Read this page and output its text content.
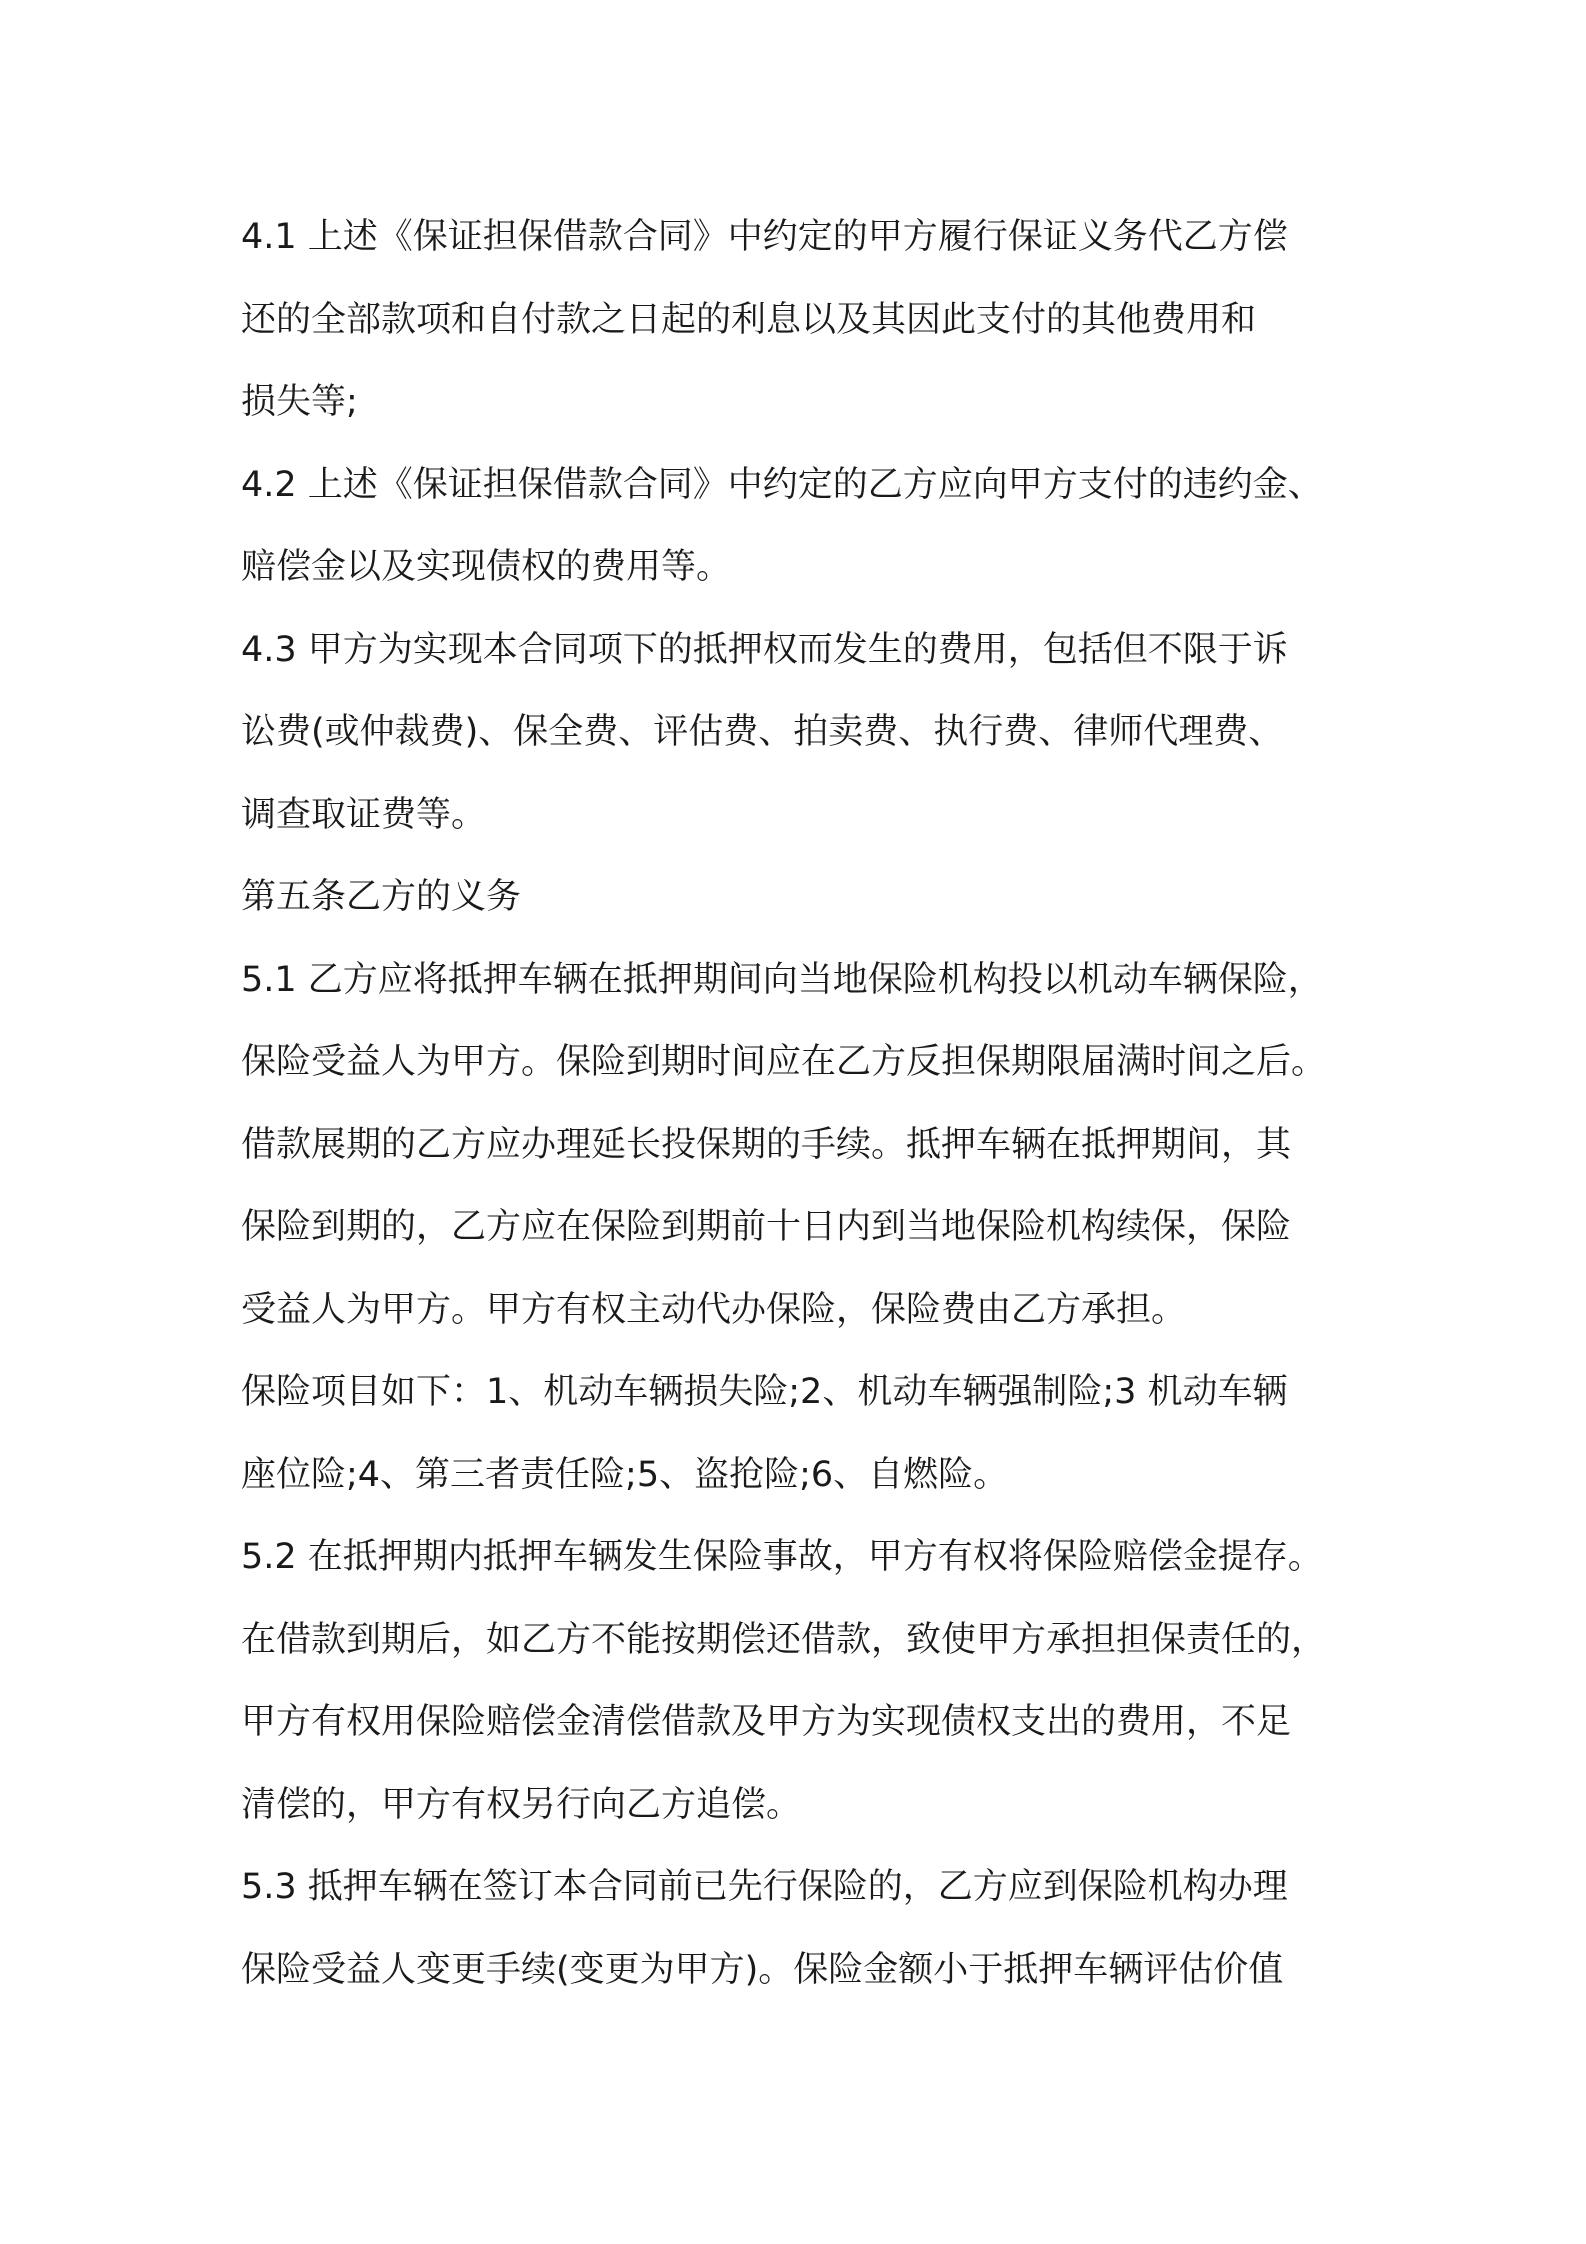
4.1 上述《保证担保借款合同》中约定的甲方履行保证义务代乙方偿
还的全部款项和自付款之日起的利息以及其因此支付的其他费用和
损失等;
4.2 上述《保证担保借款合同》中约定的乙方应向甲方支付的违约金、
赔偿金以及实现债权的费用等。
4.3 甲方为实现本合同项下的抵押权而发生的费用，包括但不限于诉
讼费(或仲裁费)、保全费、评估费、拍卖费、执行费、律师代理费、
调查取证费等。
第五条乙方的义务
5.1 乙方应将抵押车辆在抵押期间向当地保险机构投以机动车辆保险，
保险受益人为甲方。保险到期时间应在乙方反担保期限届满时间之后。
借款展期的乙方应办理延长投保期的手续。抵押车辆在抵押期间，其
保险到期的，乙方应在保险到期前十日内到当地保险机构续保，保险
受益人为甲方。甲方有权主动代办保险，保险费由乙方承担。
保险项目如下：1、机动车辆损失险;2、机动车辆强制险;3 机动车辆
座位险;4、第三者责任险;5、盗抢险;6、自燃险。
5.2 在抵押期内抵押车辆发生保险事故，甲方有权将保险赔偿金提存。
在借款到期后，如乙方不能按期偿还借款，致使甲方承担担保责任的，
甲方有权用保险赔偿金清偿借款及甲方为实现债权支出的费用，不足
清偿的，甲方有权另行向乙方追偿。
5.3 抵押车辆在签订本合同前已先行保险的，乙方应到保险机构办理
保险受益人变更手续(变更为甲方)。保险金额小于抵押车辆评估价值
